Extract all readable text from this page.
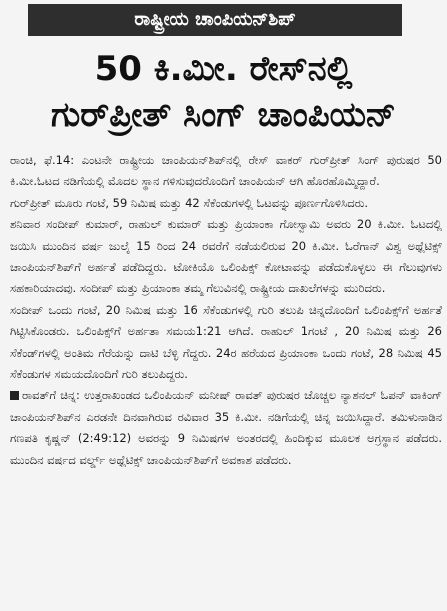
ರಾಷ್ಟ್ರೀಯ ಚಾಂಪಿಯನ್‌ಶಿಪ್
50 ಕಿ.ಮೀ. ರೇಸ್‌ನಲ್ಲಿ
ಗುರ್‌ಪ್ರೀತ್ ಸಿಂಗ್ ಚಾಂಪಿಯನ್

ರಾಂಚಿ, ಫೆ.14: ಎಂಟನೇ ರಾಷ್ಟ್ರೀಯ ಚಾಂಪಿಯನ್‌ಶಿಪ್‌ನಲ್ಲಿ ರೇಸ್ ವಾಕರ್ ಗುರ್‌ಪ್ರೀತ್ ಸಿಂಗ್ ಪುರುಷರ 50 ಕಿ.ಮೀ.ಓಟದ ನಡಿಗೆಯಲ್ಲಿ ಮೊದಲ ಸ್ಥಾನ ಗಳಿಸುವುದರೊಂದಿಗೆ ಚಾಂಪಿಯನ್ ಆಗಿ ಹೊರಹೊಮ್ಮಿದ್ದಾರೆ.

ಗುರ್‌ಪ್ರೀತ್ ಮೂರು ಗಂಟೆ, 59 ನಿಮಿಷ ಮತ್ತು 42 ಸೆಕೆಂಡುಗಳಲ್ಲಿ ಓಟವನ್ನು ಪೂರ್ಣಗೊಳಿಸಿದರು.

ಶನಿವಾರ ಸಂದೀಪ್ ಕುಮಾರ್, ರಾಹುಲ್ ಕುಮಾರ್ ಮತ್ತು ಪ್ರಿಯಾಂಕಾ ಗೋಸ್ವಾಮಿ ಅವರು 20 ಕಿ.ಮೀ. ಓಟದಲ್ಲಿ ಜಯಿಸಿ ಮುಂದಿನ ವರ್ಷ ಜುಲೈ 15 ರಿಂದ 24 ರವರೆಗೆ ನಡೆಯಲಿರುವ 20 ಕಿ.ಮೀ. ಓರೆಗಾನ್ ವಿಶ್ವ ಅಥ್ಲೆಟಿಕ್ಸ್ ಚಾಂಪಿಯನ್‌ಶಿಪ್‌ಗೆ ಅರ್ಹತೆ ಪಡೆದಿದ್ದರು. ಟೋಕಿಯೊ ಒಲಿಂಪಿಕ್ಸ್ ಕೋಟಾವನ್ನು ಪಡೆದುಕೊಳ್ಳಲು ಈ ಗೆಲುವುಗಳು ಸಹಕಾರಿಯಾದವು. ಸಂದೀಪ್ ಮತ್ತು ಪ್ರಿಯಾಂಕಾ ತಮ್ಮ ಗೆಲುವಿನಲ್ಲಿ ರಾಷ್ಟ್ರೀಯ ದಾಖಲೆಗಳನ್ನು ಮುರಿದರು.

ಸಂದೀಪ್ ಒಂದು ಗಂಟೆ, 20 ನಿಮಿಷ ಮತ್ತು 16 ಸೆಕೆಂಡುಗಳಲ್ಲಿ ಗುರಿ ತಲುಪಿ ಚಿನ್ನದೊಂದಿಗೆ ಒಲಿಂಪಿಕ್ಸ್‌ಗೆ ಅರ್ಹತೆ ಗಿಟ್ಟಿಸಿಕೊಂಡರು. ಒಲಿಂಪಿಕ್ಸ್‌ಗೆ ಅರ್ಹತಾ ಸಮಯ1:21 ಆಗಿದೆ. ರಾಹುಲ್ 1ಗಂಟೆ , 20 ನಿಮಿಷ ಮತ್ತು 26 ಸೆಕೆಂಡ್‌ಗಳಲ್ಲಿ ಅಂತಿಮ ಗೆರೆಯನ್ನು ದಾಟಿ ಬೆಳ್ಳಿ ಗೆದ್ದರು. 24ರ ಹರೆಯದ ಪ್ರಿಯಾಂಕಾ ಒಂದು ಗಂಟೆ, 28 ನಿಮಿಷ 45 ಸೆಕೆಂಡುಗಳ ಸಮಯದೊಂದಿಗೆ ಗುರಿ ತಲುಪಿದ್ದರು.

ರಾವತ್‌ಗೆ ಚಿನ್ನ: ಉತ್ತರಾಖಂಡದ ಒಲಿಂಪಿಯನ್ ಮನೀಷ್ ರಾವತ್ ಪುರುಷರ ಚೊಚ್ಚಲ ನ್ಯಾಶನಲ್ ಓಪನ್ ವಾಕಿಂಗ್ ಚಾಂಪಿಯನ್‌ಶಿಪ್‌ನ ಎರಡನೇ ದಿನವಾಗಿರುವ ರವಿವಾರ 35 ಕಿ.ಮೀ. ನಡಿಗೆಯಲ್ಲಿ ಚಿನ್ನ ಜಯಿಸಿದ್ದಾರೆ. ತಮಿಳುನಾಡಿನ ಗಣಪತಿ ಕೃಷ್ಣನ್ (2:49:12) ಅವರನ್ನು 9 ನಿಮಿಷಗಳ ಅಂತರದಲ್ಲಿ ಹಿಂದಿಕ್ಕುವ ಮೂಲಕ ಅಗ್ರಸ್ಥಾನ ಪಡೆದರು. ಮುಂದಿನ ವರ್ಷದ ವರ್ಲ್ಡ್ ಅಥ್ಲೆಟಿಕ್ಸ್ ಚಾಂಪಿಯನ್‌ಶಿಪ್‌ಗೆ ಅವಕಾಶ ಪಡೆದರು.
